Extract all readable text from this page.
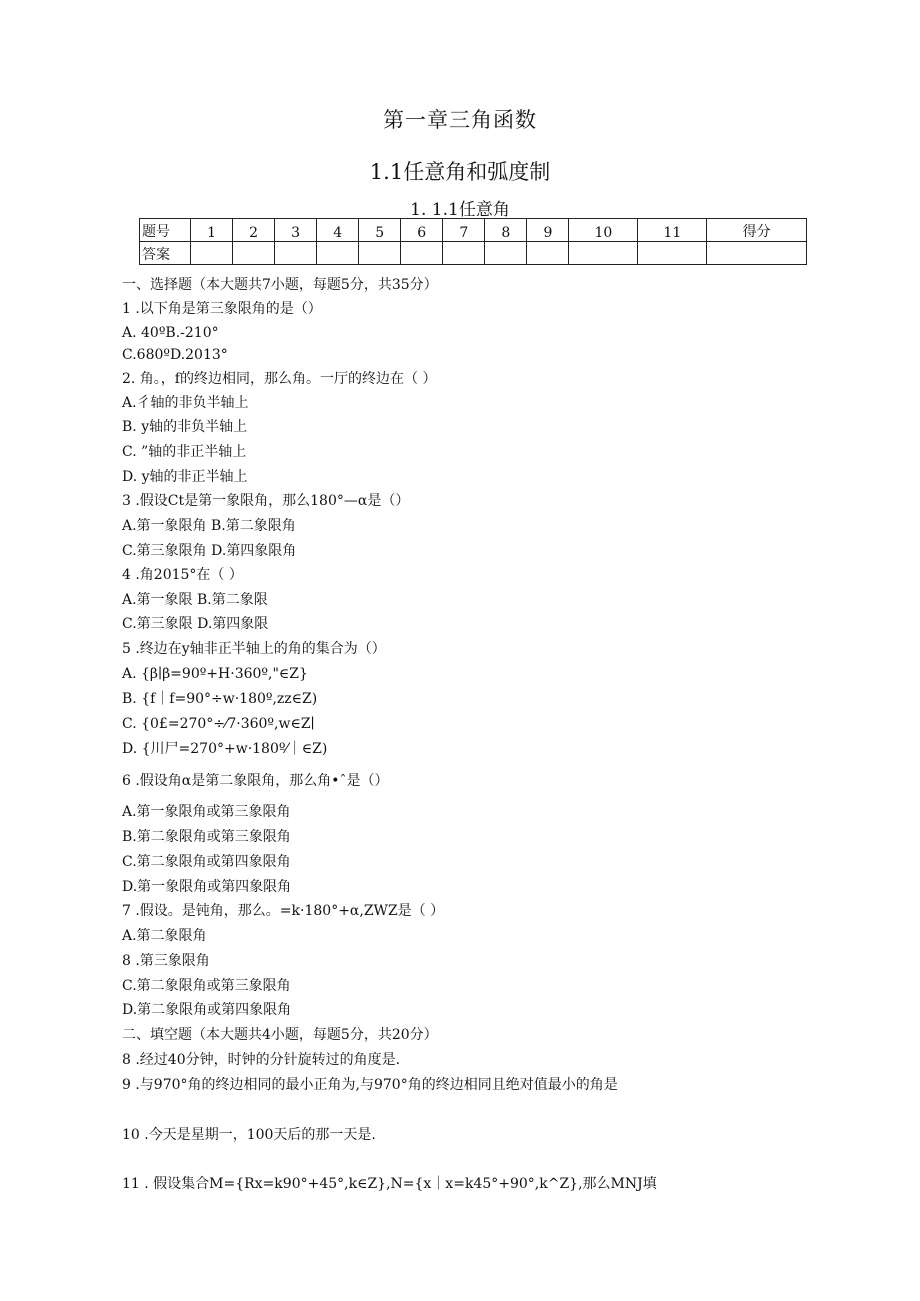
第一章三角函数
1.1任意角和弧度制
1. 1.1任意角
题号	1	2	3	4	5	6	7	8	9	10	11	得分
答案												
一、选择题（本大题共7小题，每题5分，共35分）
1 .以下角是第三象限角的是（）
A. 40ºB.-210°
C.680ºD.2013°
2. 角。，f的终边相同，那么角。一厅的终边在（ ）
A.彳轴的非负半轴上
B. y轴的非负半轴上
C. ”轴的非正半轴上
D. y轴的非正半轴上
3 .假设Ct是第一象限角，那么180°—α是（）
A.第一象限角 B.第二象限角
C.第三象限角 D.第四象限角
4 .角2015°在（ ）
A.第一象限 B.第二象限
C.第三象限 D.第四象限
5 .终边在y轴非正半轴上的角的集合为（）
A. {β∣β=90º+H·360º,"∈Z}
B. {f｜f=90°÷w·180º,zz∈Z)
C. {0£=270°÷⁄7·360º,w∈Z∣
D. {川尸=270°+w·180º⁄｜∈Z)
6 .假设角α是第二象限角，那么角•ˆ是（）
A.第一象限角或第三象限角
B.第二象限角或第三象限角
C.第二象限角或第四象限角
D.第一象限角或第四象限角
7 .假设。是钝角，那么。=k·180°+α,ZWZ是（ ）
A.第二象限角
8 .第三象限角
C.第二象限角或第三象限角
D.第二象限角或第四象限角
二、填空题（本大题共4小题，每题5分，共20分）
8 .经过40分钟，时钟的分针旋转过的角度是.
9 .与970°角的终边相同的最小正角为,与970°角的终边相同且绝对值最小的角是
10 .今天是星期一，100天后的那一天是.
11 . 假设集合M={Rx=k90°+45°,k∈Z},N={x｜x=k45°+90°,k^Z},那么MNJ填
